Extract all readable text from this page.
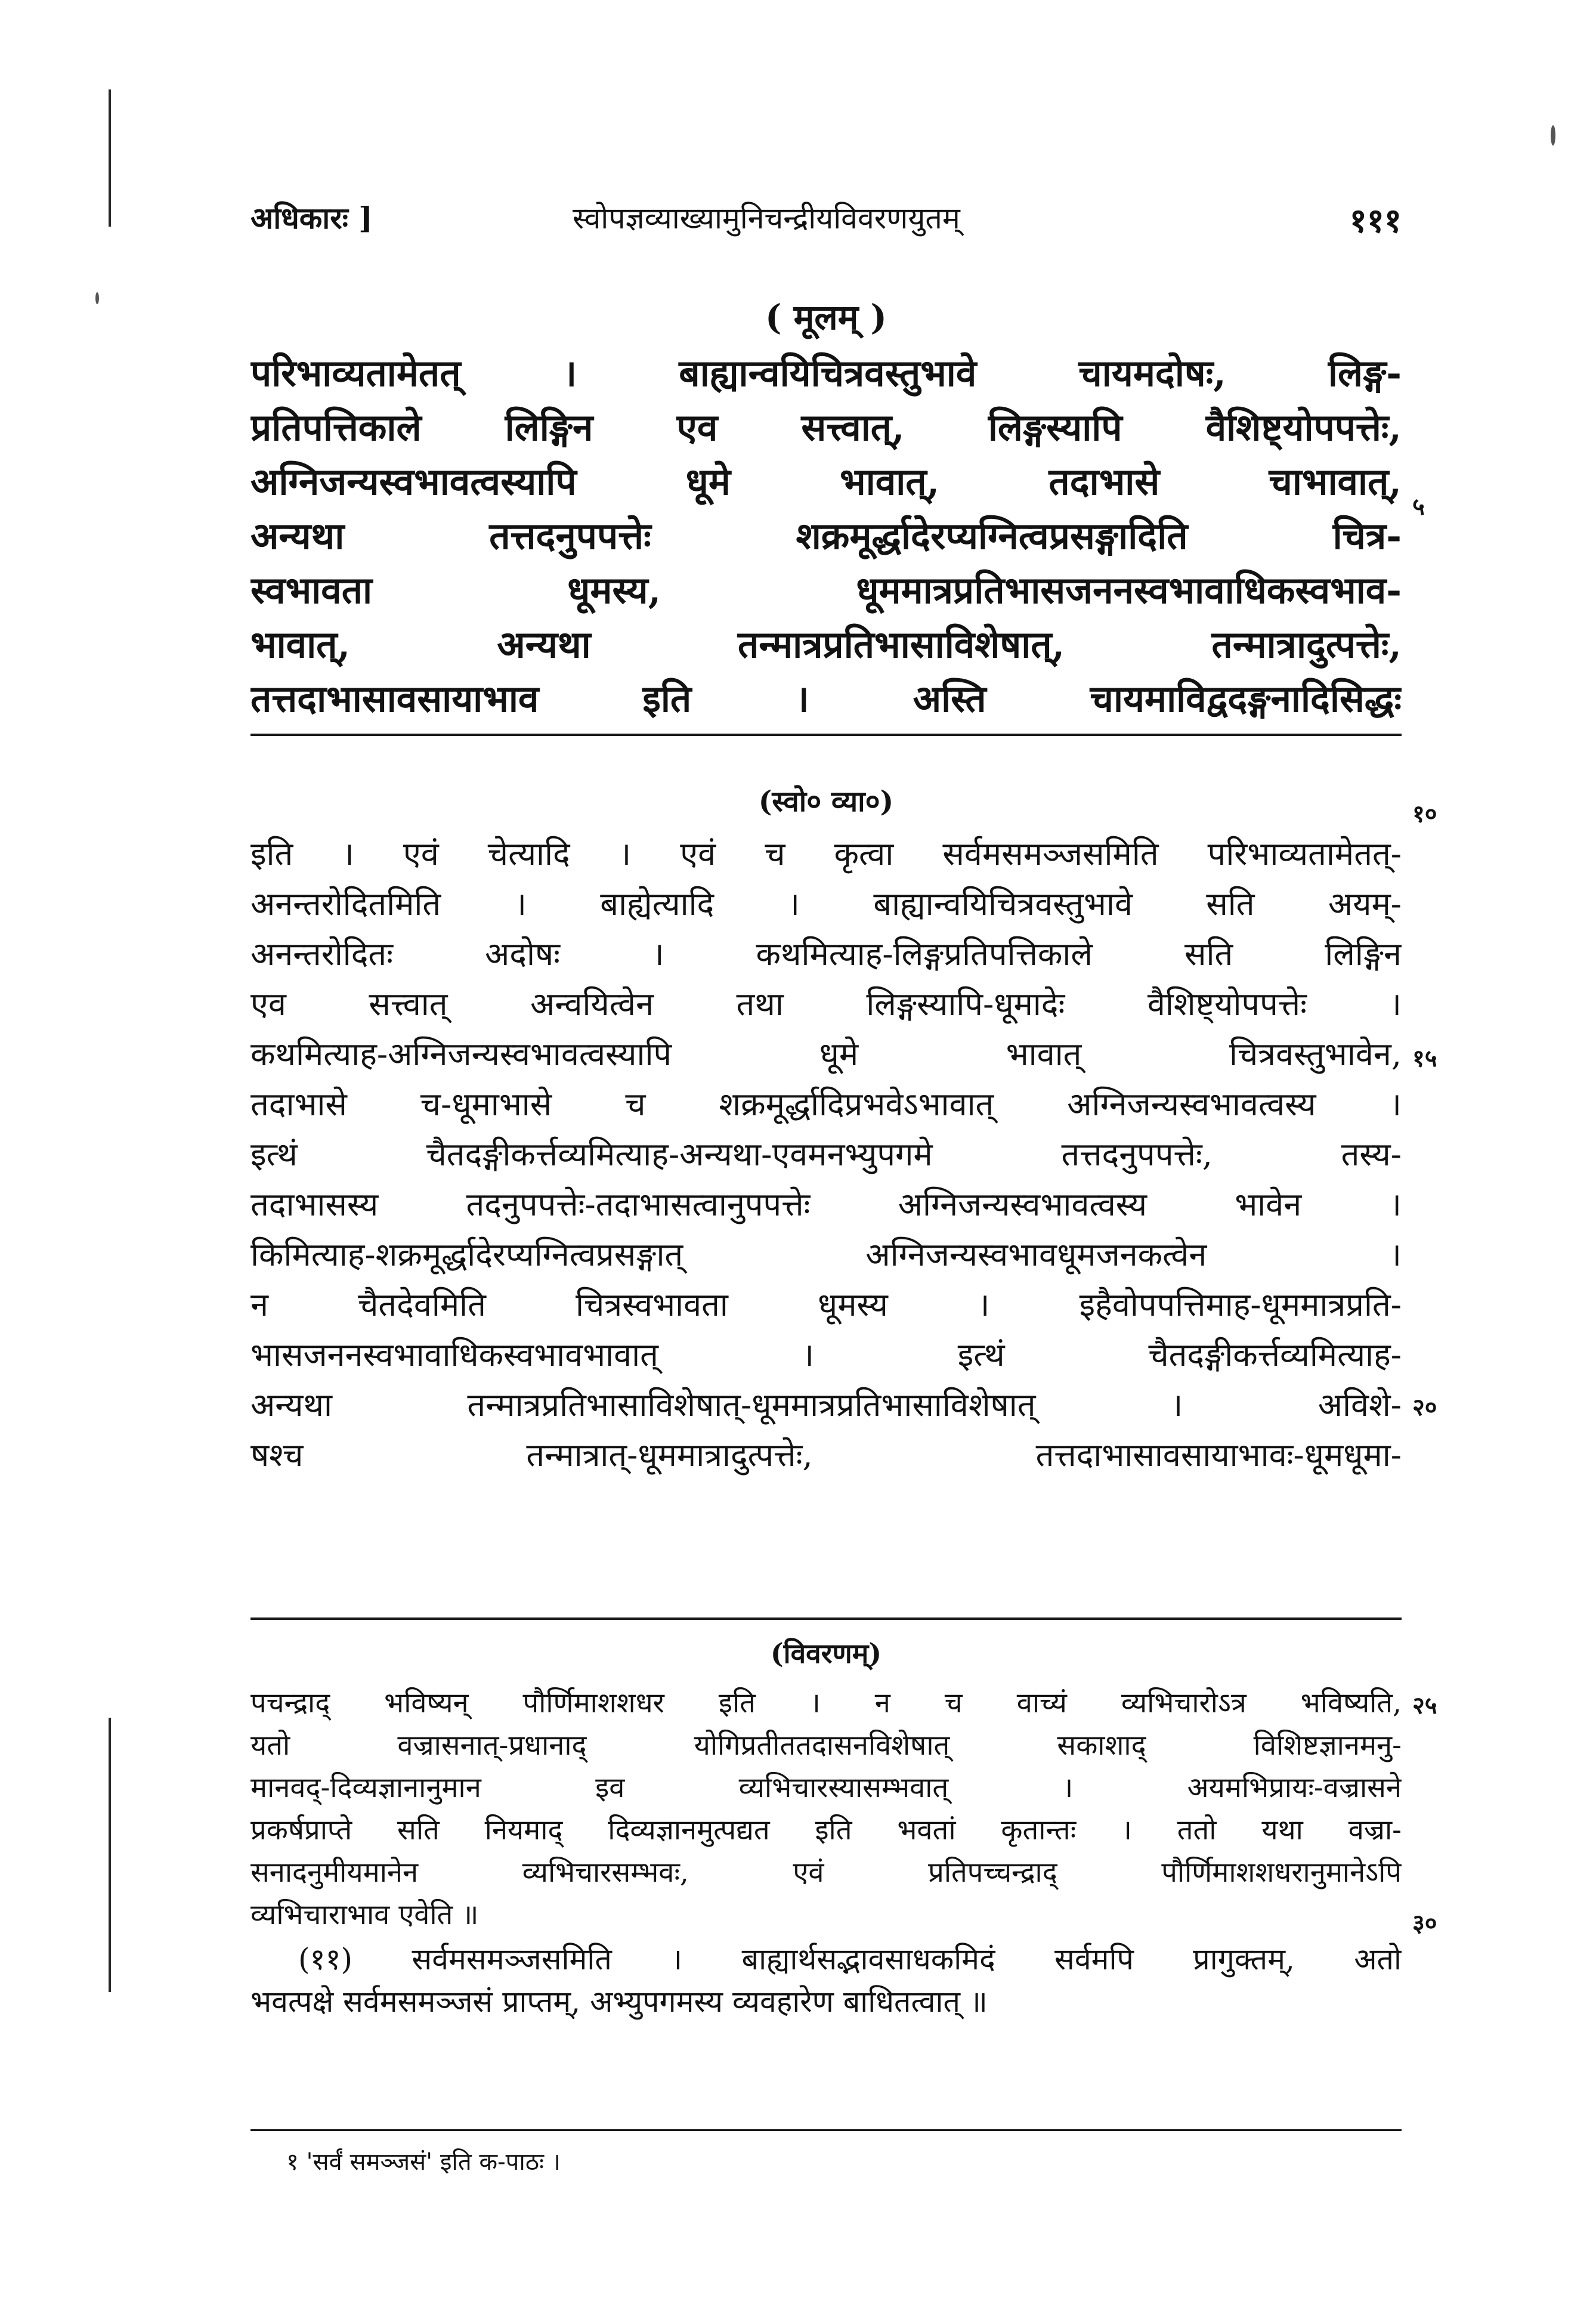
अधिकारः ]	स्वोपज्ञव्याख्यामुनिचन्द्रीयविवरणयुतम्	१११
( मूलम् )
परिभाव्यतामेतत् । बाह्यान्वयिचित्रवस्तुभावे चायमदोषः, लिङ्ग-
प्रतिपत्तिकाले लिङ्गिन एव सत्त्वात्, लिङ्गस्यापि वैशिष्ट्योपपत्तेः,
अग्निजन्यस्वभावत्वस्यापि धूमे भावात्, तदाभासे चाभावात्,
अन्यथा तत्तदनुपपत्तेः शक्रमूर्द्धादेरप्यग्नित्वप्रसङ्गादिति चित्र-
स्वभावता धूमस्य, धूममात्रप्रतिभासजननस्वभावाधिकस्वभाव-
भावात्, अन्यथा तन्मात्रप्रतिभासाविशेषात्, तन्मात्रादुत्पत्तेः,
तत्तदाभासावसायाभाव इति । अस्ति चायमाविद्वदङ्गनादिसिद्धः
(स्वो० व्या०)
इति । एवं चेत्यादि । एवं च कृत्वा सर्वमसमञ्जसमिति परिभाव्यतामेतत्-
अनन्तरोदितमिति । बाह्येत्यादि । बाह्यान्वयिचित्रवस्तुभावे सति अयम्-
अनन्तरोदितः अदोषः । कथमित्याह-लिङ्गप्रतिपत्तिकाले सति लिङ्गिन
एव सत्त्वात् अन्वयित्वेन तथा लिङ्गस्यापि-धूमादेः वैशिष्ट्योपपत्तेः ।
कथमित्याह-अग्निजन्यस्वभावत्वस्यापि धूमे भावात् चित्रवस्तुभावेन,
तदाभासे च-धूमाभासे च शक्रमूर्द्धादिप्रभवेऽभावात् अग्निजन्यस्वभावत्वस्य ।
इत्थं चैतदङ्गीकर्त्तव्यमित्याह-अन्यथा-एवमनभ्युपगमे तत्तदनुपपत्तेः, तस्य-
तदाभासस्य तदनुपपत्तेः-तदाभासत्वानुपपत्तेः अग्निजन्यस्वभावत्वस्य भावेन ।
किमित्याह-शक्रमूर्द्धादेरप्यग्नित्वप्रसङ्गात् अग्निजन्यस्वभावधूमजनकत्वेन ।
न चैतदेवमिति चित्रस्वभावता धूमस्य । इहैवोपपत्तिमाह-धूममात्रप्रति-
भासजननस्वभावाधिकस्वभावभावात् । इत्थं चैतदङ्गीकर्त्तव्यमित्याह-
अन्यथा तन्मात्रप्रतिभासाविशेषात्-धूममात्रप्रतिभासाविशेषात् । अविशे-
षश्च तन्मात्रात्-धूममात्रादुत्पत्तेः, तत्तदाभासावसायाभावः-धूमधूमा-
(विवरणम्)
पचन्द्राद् भविष्यन् पौर्णिमाशशधर इति । न च वाच्यं व्यभिचारोऽत्र भविष्यति,
यतो वज्रासनात्-प्रधानाद् योगिप्रतीततदासनविशेषात् सकाशाद् विशिष्टज्ञानमनु-
मानवद्-दिव्यज्ञानानुमान इव व्यभिचारस्यासम्भवात् । अयमभिप्रायः-वज्रासने
प्रकर्षप्राप्ते सति नियमाद् दिव्यज्ञानमुत्पद्यत इति भवतां कृतान्तः । ततो यथा वज्रा-
सनादनुमीयमानेन व्यभिचारसम्भवः, एवं प्रतिपच्चन्द्राद् पौर्णिमाशशधरानुमानेऽपि
व्यभिचाराभाव एवेति ॥
(११) सर्वमसमञ्जसमिति । बाह्यार्थसद्भावसाधकमिदं सर्वमपि प्रागुक्तम्, अतो
भवत्पक्षे सर्वमसमञ्जसं प्राप्तम्, अभ्युपगमस्य व्यवहारेण बाधितत्वात् ॥
१ 'सर्वं समञ्जसं' इति क-पाठः ।
५
१०
१५
२०
२५
३०
